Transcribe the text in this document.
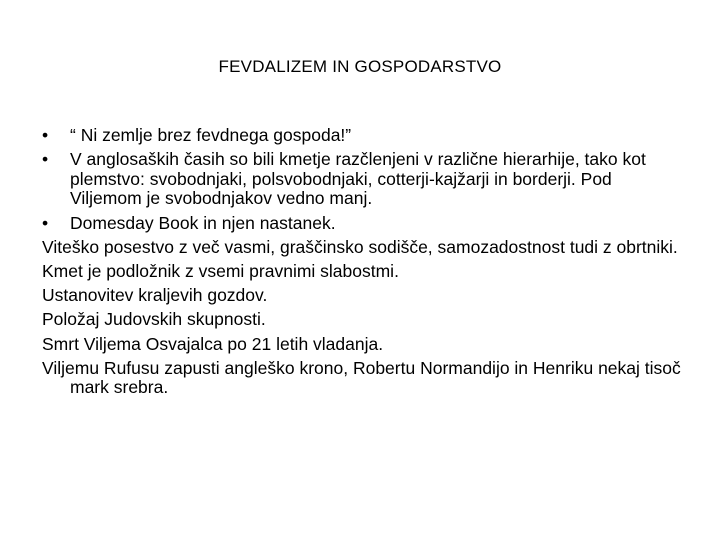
FEVDALIZEM IN GOSPODARSTVO
•	“ Ni zemlje brez fevdnega gospoda!”
•	V anglosaških časih so bili kmetje razčlenjeni v različne hierarhije, tako kot plemstvo: svobodnjaki, polsvobodnjaki, cotterji-kajžarji in borderji. Pod Viljemom je svobodnjakov vedno manj.
•	Domesday Book in njen nastanek.

Viteško posestvo z več vasmi, graščinsko sodišče, samozadostnost tudi z obrtniki.

Kmet je podložnik z vsemi pravnimi slabostmi.

Ustanovitev kraljevih gozdov.

Položaj Judovskih skupnosti.

Smrt Viljema Osvajalca po 21 letih vladanja.

Viljemu Rufusu zapusti angleško krono, Robertu Normandijo in Henriku nekaj tisoč mark srebra.
